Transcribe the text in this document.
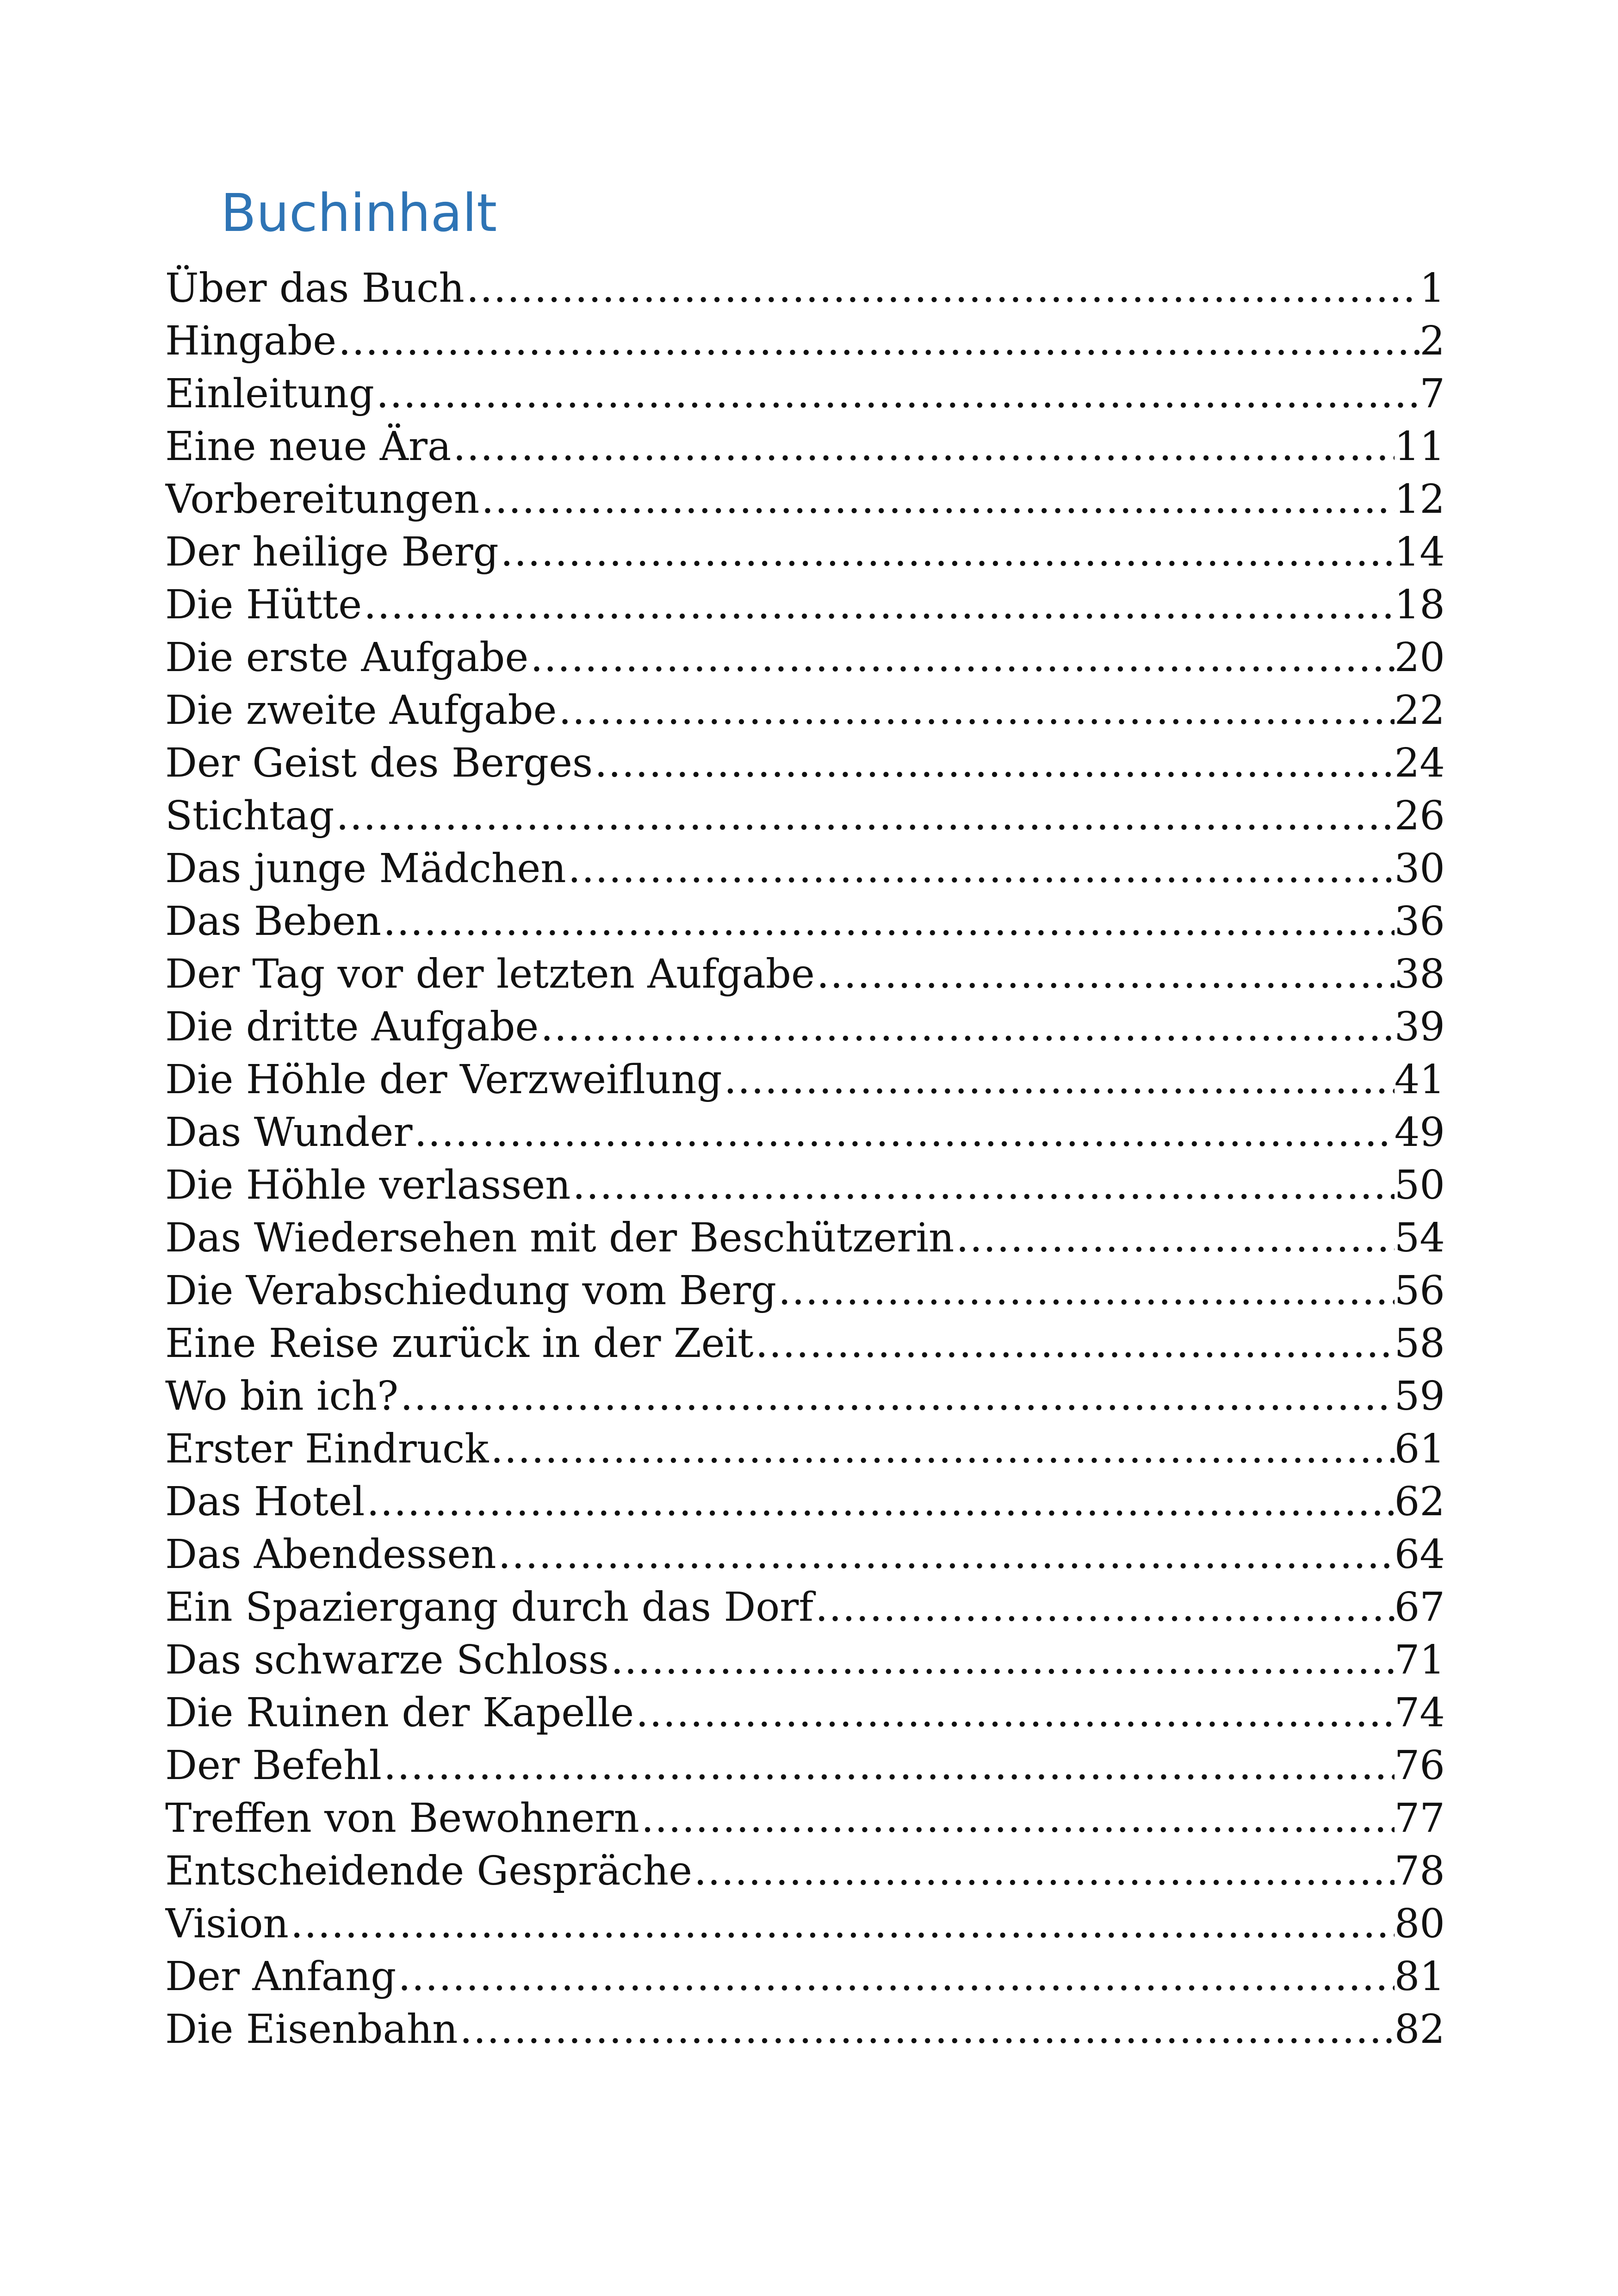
Buchinhalt
Über das Buch .....	1
Hingabe .....	2
Einleitung .....	7
Eine neue Ära .....	11
Vorbereitungen .....	12
Der heilige Berg .....	14
Die Hütte .....	18
Die erste Aufgabe .....	20
Die zweite Aufgabe .....	22
Der Geist des Berges .....	24
Stichtag .....	26
Das junge Mädchen .....	30
Das Beben .....	36
Der Tag vor der letzten Aufgabe .....	38
Die dritte Aufgabe .....	39
Die Höhle der Verzweiflung .....	41
Das Wunder .....	49
Die Höhle verlassen .....	50
Das Wiedersehen mit der Beschützerin .....	54
Die Verabschiedung vom Berg .....	56
Eine Reise zurück in der Zeit .....	58
Wo bin ich? .....	59
Erster Eindruck .....	61
Das Hotel .....	62
Das Abendessen .....	64
Ein Spaziergang durch das Dorf .....	67
Das schwarze Schloss .....	71
Die Ruinen der Kapelle .....	74
Der Befehl .....	76
Treffen von Bewohnern .....	77
Entscheidende Gespräche .....	78
Vision .....	80
Der Anfang .....	81
Die Eisenbahn .....	82
